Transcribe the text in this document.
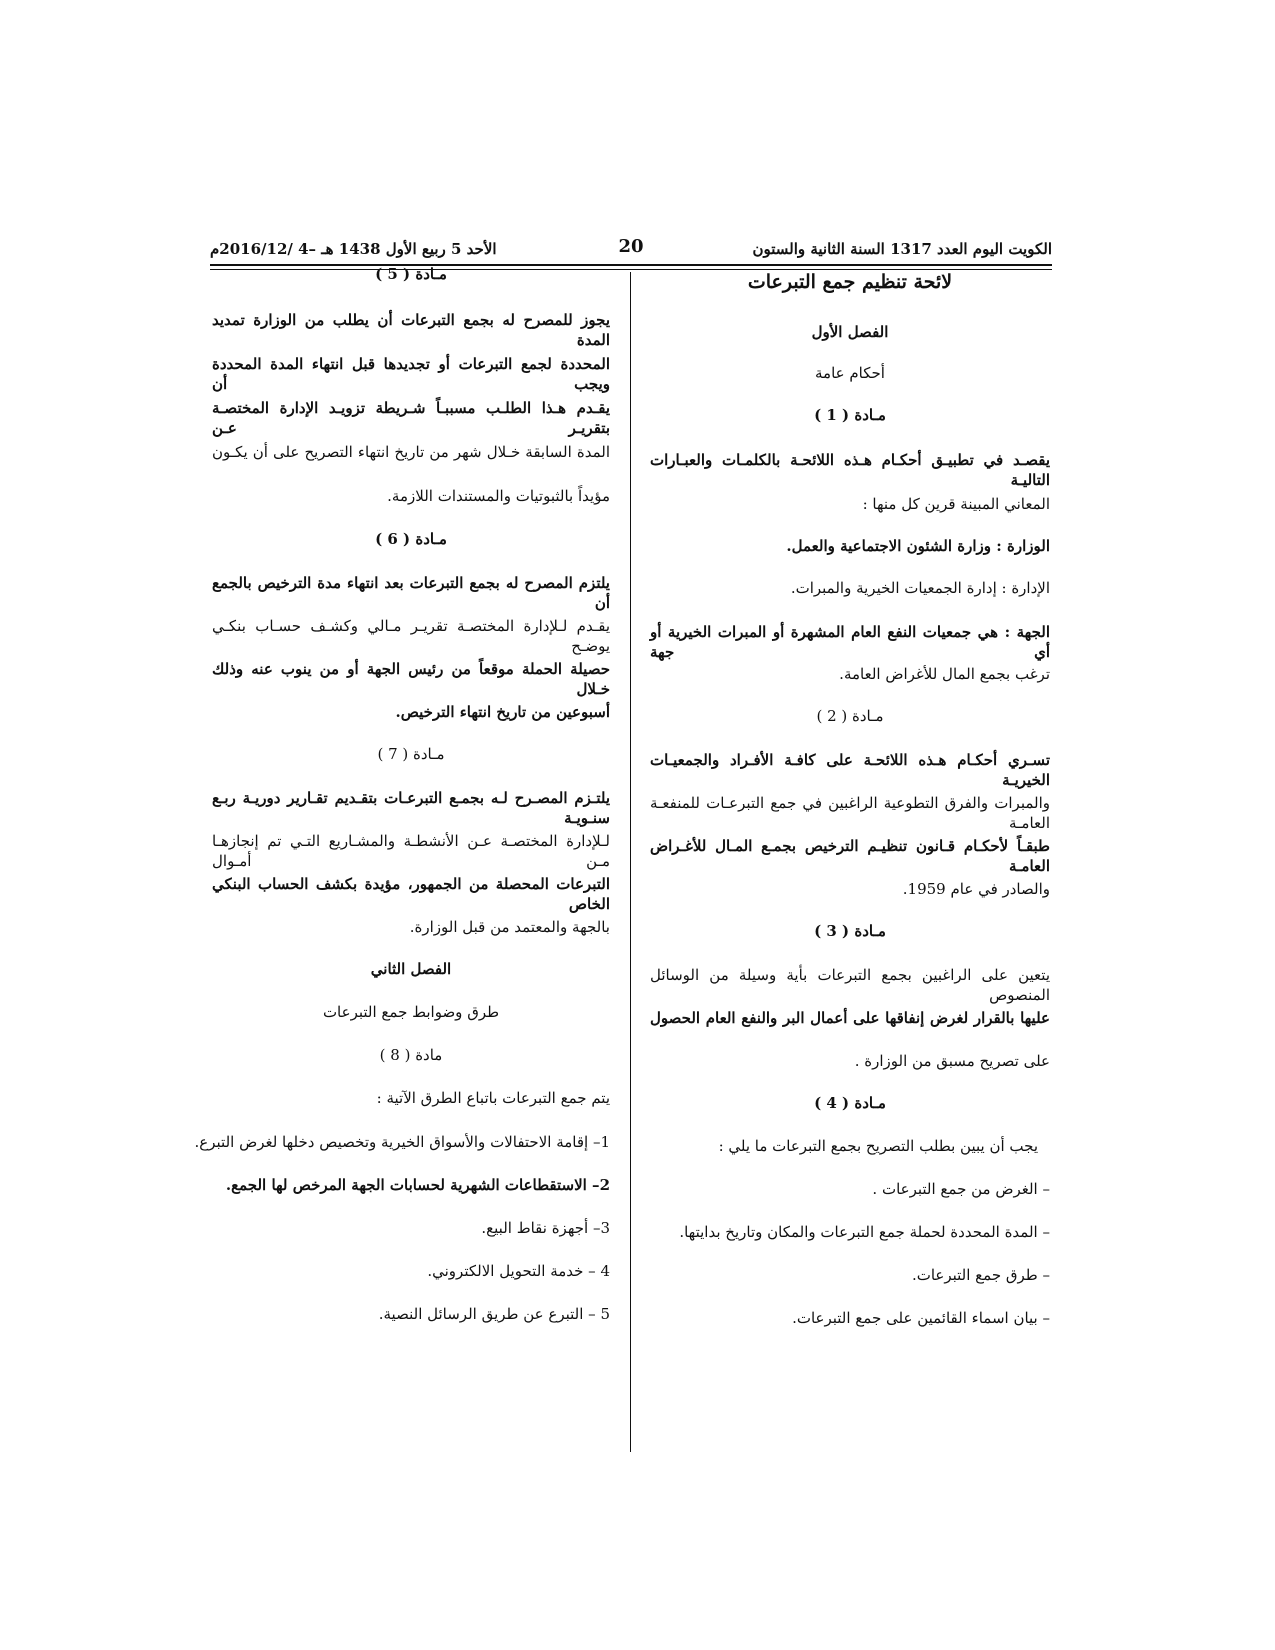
الكويت اليوم العدد 1317 السنة الثانية والستون
20
الأحد 5 ربيع الأول 1438 هـ –4 /2016/12م
لائحة تنظيم جمع التبرعات
الفصل الأول
أحكام عامة
مـادة ( 1 )
يقصـد في تطبيـق أحكـام هـذه اللائحـة بالكلمـات والعبـارات التاليـة
المعاني المبينة قرين كل منها :
الوزارة : وزارة الشئون الاجتماعية والعمل.
الإدارة : إدارة الجمعيات الخيرية والمبرات.
الجهة : هي جمعيات النفع العام المشهرة أو المبرات الخيرية أو أي جهة
ترغب بجمع المال للأغراض العامة.
مـادة ( 2 )
تسـري أحكـام هـذه اللائحـة على كافـة الأفـراد والجمعيـات الخيريـة
والمبرات والفرق التطوعية الراغبين في جمع التبرعـات للمنفعـة العامـة
طبقـاً لأحكـام قـانون تنظيـم الترخيص بجمـع المـال للأغـراض العامـة
والصادر في عام 1959.
مـادة ( 3 )
يتعين على الراغبين بجمع التبرعات بأية وسيلة من الوسائل المنصوص
عليها بالقرار لغرض إنفاقها على أعمال البر والنفع العام الحصول
على تصريح مسبق من الوزارة .
مـادة ( 4 )
يجب أن يبين بطلب التصريح بجمع التبرعات ما يلي :
– الغرض من جمع التبرعات .
– المدة المحددة لحملة جمع التبرعات والمكان وتاريخ بدايتها.
– طرق جمع التبرعات.
– بيان اسماء القائمين على جمع التبرعات.
مـادة ( 5 )
يجوز للمصرح له بجمع التبرعات أن يطلب من الوزارة تمديد المدة
المحددة لجمع التبرعات أو تجديدها قبل انتهاء المدة المحددة ويجب أن
يقـدم هـذا الطلـب مسببـاً شـريطة تزويـد الإدارة المختصـة بتقريـر عـن
المدة السابقة خـلال شهر من تاريخ انتهاء التصريح على أن يكـون
مؤيداً بالثبوتيات والمستندات اللازمة.
مـادة ( 6 )
يلتزم المصرح له بجمع التبرعات بعد انتهاء مدة الترخيص بالجمع أن
يقـدم لـلإدارة المختصـة تقريـر مـالي وكشـف حسـاب بنكـي يوضـح
حصيلة الحملة موقعاً من رئيس الجهة أو من ينوب عنه وذلك خـلال
أسبوعين من تاريخ انتهاء الترخيص.
مـادة ( 7 )
يلتـزم المصـرح لـه بجمـع التبرعـات بتقـديم تقـارير دوريـة ربـع سنـويـة
لـلإدارة المختصـة عـن الأنشطـة والمشـاريع التـي تم إنجازهـا مـن أمـوال
التبرعات المحصلة من الجمهور، مؤيدة بكشف الحساب البنكي الخاص
بالجهة والمعتمد من قبل الوزارة.
الفصل الثاني
طرق وضوابط جمع التبرعات
مادة ( 8 )
يتم جمع التبرعات باتباع الطرق الآتية :
1– إقامة الاحتفالات والأسواق الخيرية وتخصيص دخلها لغرض التبرع.
2– الاستقطاعات الشهرية لحسابات الجهة المرخص لها الجمع.
3– أجهزة نقاط البيع.
4 – خدمة التحويل الالكتروني.
5 – التبرع عن طريق الرسائل النصية.
